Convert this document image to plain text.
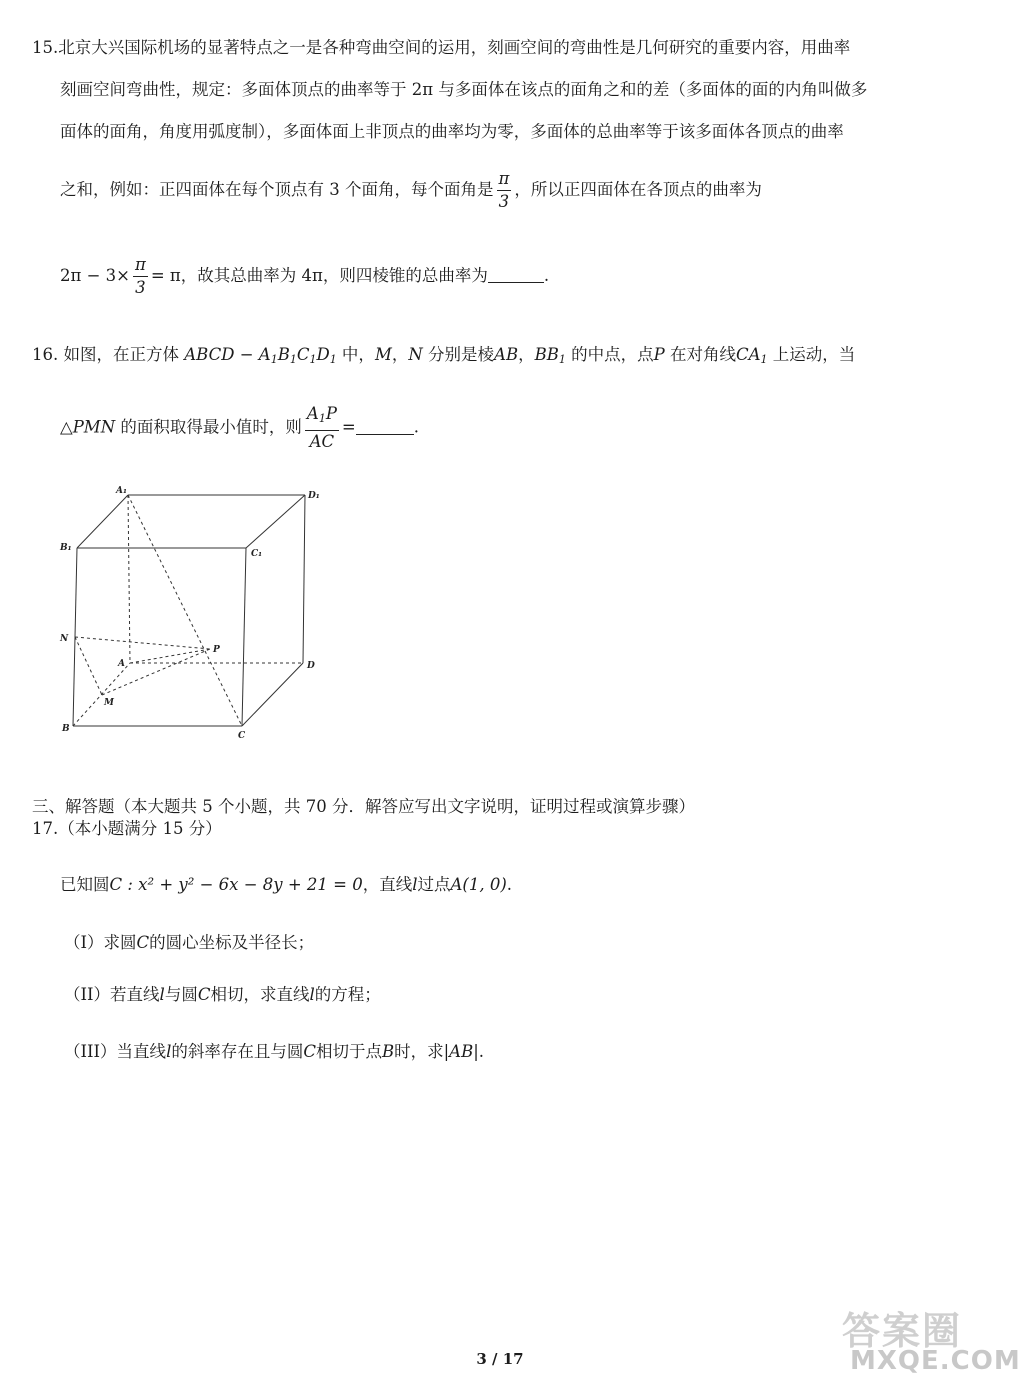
15.北京大兴国际机场的显著特点之一是各种弯曲空间的运用，刻画空间的弯曲性是几何研究的重要内容，用曲率
刻画空间弯曲性，规定：多面体顶点的曲率等于 2π 与多面体在该点的面角之和的差（多面体的面的内角叫做多
面体的面角，角度用弧度制），多面体面上非顶点的曲率均为零，多面体的总曲率等于该多面体各顶点的曲率
之和，例如：正四面体在每个顶点有 3 个面角，每个面角是 $\frac{\pi}{3}$ ，所以正四面体在各顶点的曲率为
$2\pi - 3\times \frac{\pi}{3} = \pi$，故其总曲率为 4π，则四棱锥的总曲率为	.
16. 如图，在正方体 ABCD − $A_1B_1C_1D_1$ 中，M，N 分别是棱AB，$BB_1$ 的中点，点P 在对角线$CA_1$ 上运动，当
△PMN 的面积取得最小值时，则 $\frac{A_1P}{AC}$ =	.
A₁	D₁
B₁
C₁
N
A
P
D
M
B
C
三、解答题（本大题共 5 个小题，共 70 分．解答应写出文字说明，证明过程或演算步骤）
17.（本小题满分 15 分）
已知圆C : x² + y² − 6x − 8y + 21 = 0，直线l过点A(1, 0).
（I）求圆C的圆心坐标及半径长；
（II）若直线l与圆C相切，求直线l的方程；
（III）当直线l的斜率存在且与圆C相切于点B时，求|AB|.
3 / 17
答案圈
MXQE.COM
